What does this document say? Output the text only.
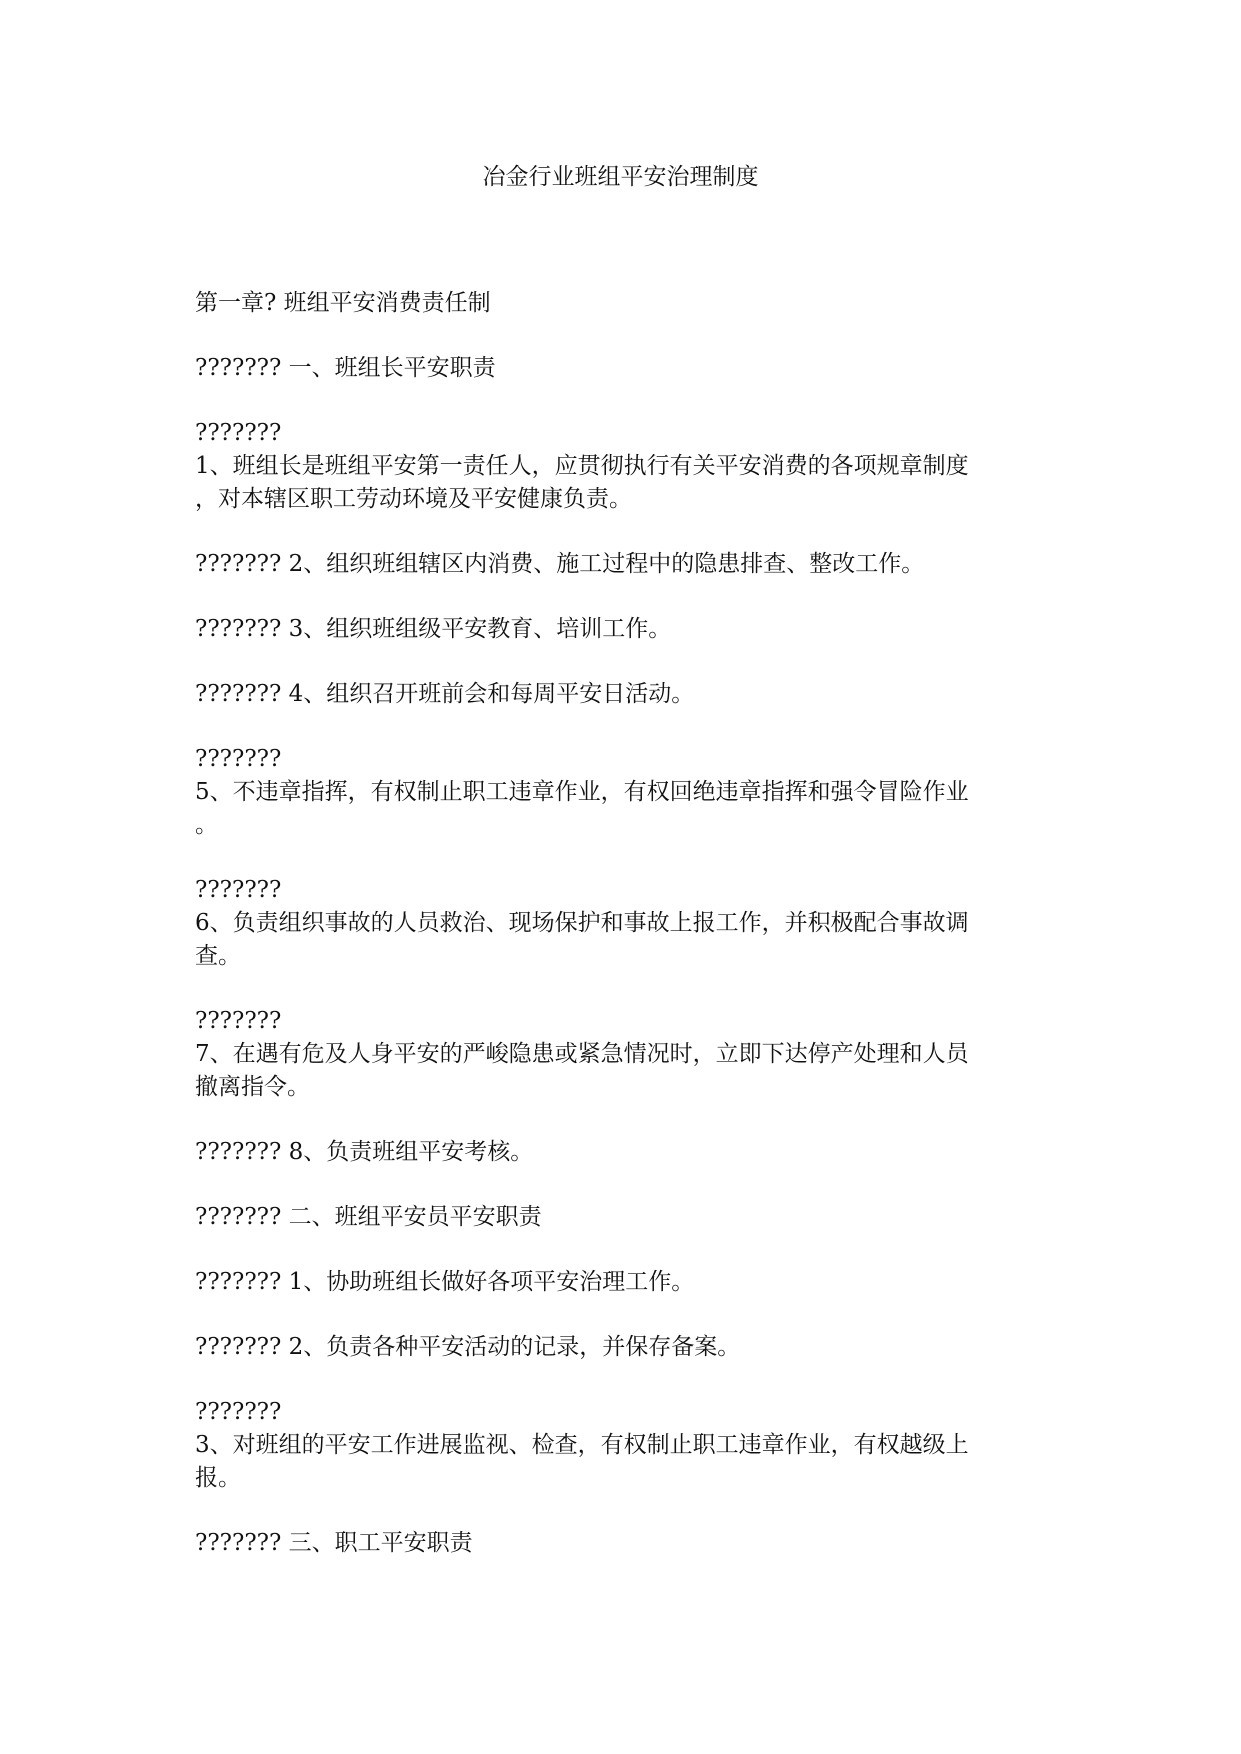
冶金行业班组平安治理制度
第一章? 班组平安消费责任制
??????? 一、班组长平安职责
???????
1、班组长是班组平安第一责任人，应贯彻执行有关平安消费的各项规章制度
，对本辖区职工劳动环境及平安健康负责。
??????? 2、组织班组辖区内消费、施工过程中的隐患排查、整改工作。
??????? 3、组织班组级平安教育、培训工作。
??????? 4、组织召开班前会和每周平安日活动。
???????
5、不违章指挥，有权制止职工违章作业，有权回绝违章指挥和强令冒险作业
。
???????
6、负责组织事故的人员救治、现场保护和事故上报工作，并积极配合事故调
查。
???????
7、在遇有危及人身平安的严峻隐患或紧急情况时，立即下达停产处理和人员
撤离指令。
??????? 8、负责班组平安考核。
??????? 二、班组平安员平安职责
??????? 1、协助班组长做好各项平安治理工作。
??????? 2、负责各种平安活动的记录，并保存备案。
???????
3、对班组的平安工作进展监视、检查，有权制止职工违章作业，有权越级上
报。
??????? 三、职工平安职责
